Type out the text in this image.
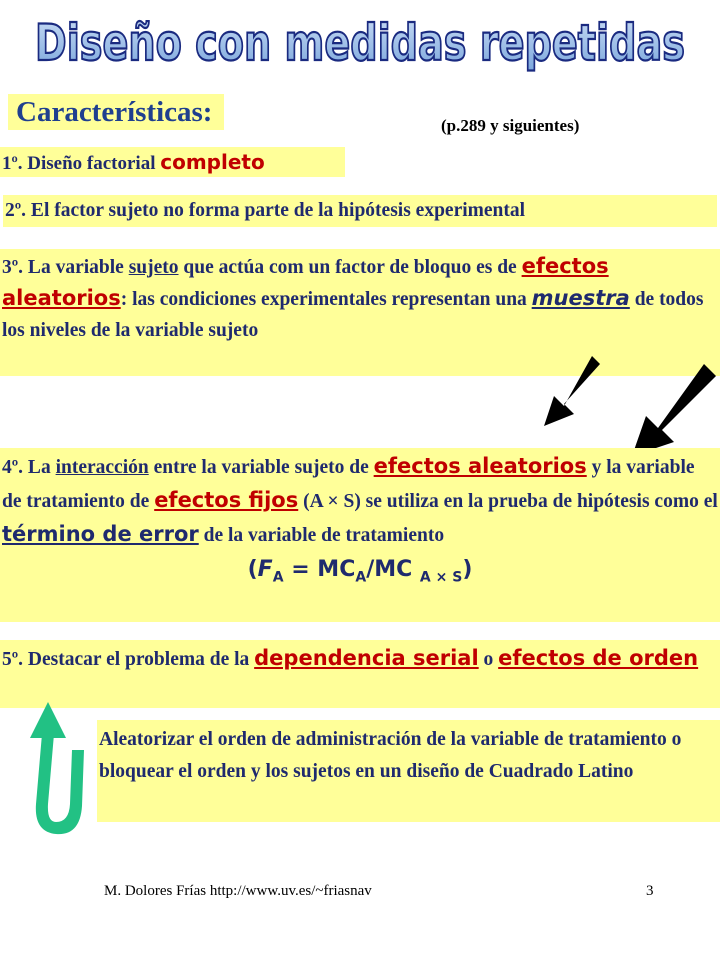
Diseño con medidas repetidas
Características:	(p.289 y siguientes)
1º. Diseño factorial completo
2º. El factor sujeto no forma parte de la hipótesis experimental
3º. La variable sujeto que actúa com un factor de bloquo es de efectos aleatorios: las condiciones experimentales representan una muestra de todos los niveles de la variable sujeto
4º. La interacción entre la variable sujeto de efectos aleatorios y la variable de tratamiento de efectos fijos (A × S) se utiliza en la prueba de hipótesis como el término de error de la variable de tratamiento
($F_A = MC_A/MC$ $_{A \times S}$)
5º. Destacar el problema de la dependencia serial o efectos de orden
Aleatorizar el orden de administración de la variable de tratamiento o bloquear el orden y los sujetos en un diseño de Cuadrado Latino
M. Dolores Frías http://www.uv.es/~friasnav	3
